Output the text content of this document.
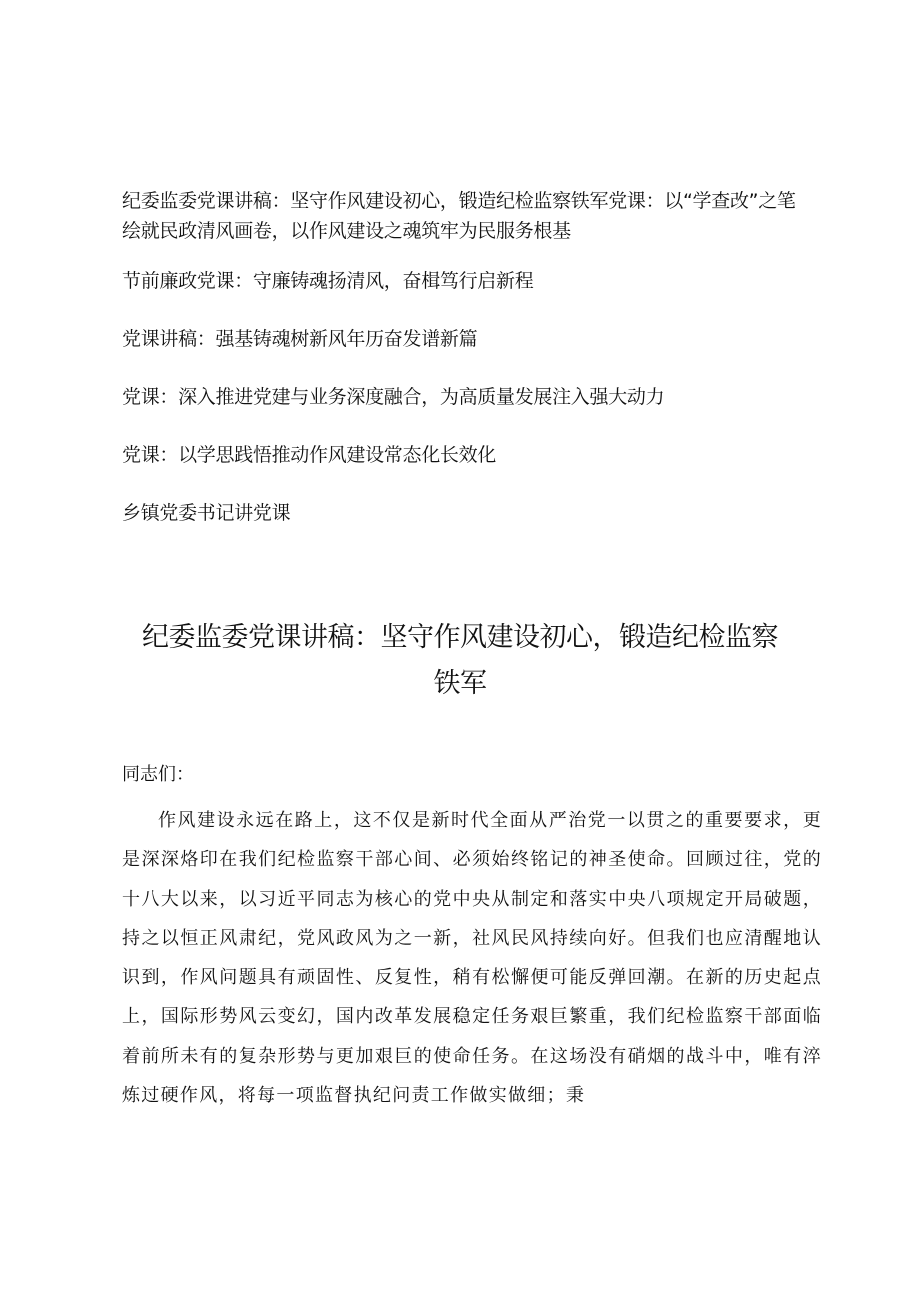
纪委监委党课讲稿：坚守作风建设初心，锻造纪检监察铁军党课：以“学查改”之笔绘就民政清风画卷，以作风建设之魂筑牢为民服务根基
节前廉政党课：守廉铸魂扬清风，奋楫笃行启新程
党课讲稿：强基铸魂树新风年历奋发谱新篇
党课：深入推进党建与业务深度融合，为高质量发展注入强大动力
党课：以学思践悟推动作风建设常态化长效化
乡镇党委书记讲党课
纪委监委党课讲稿：坚守作风建设初心，锻造纪检监察铁军
同志们：
作风建设永远在路上，这不仅是新时代全面从严治党一以贯之的重要要求，更是深深烙印在我们纪检监察干部心间、必须始终铭记的神圣使命。回顾过往，党的十八大以来，以习近平同志为核心的党中央从制定和落实中央八项规定开局破题，持之以恒正风肃纪，党风政风为之一新，社风民风持续向好。但我们也应清醒地认识到，作风问题具有顽固性、反复性，稍有松懈便可能反弹回潮。在新的历史起点上，国际形势风云变幻，国内改革发展稳定任务艰巨繁重，我们纪检监察干部面临着前所未有的复杂形势与更加艰巨的使命任务。在这场没有硝烟的战斗中，唯有淬炼过硬作风，将每一项监督执纪问责工作做实做细；秉
